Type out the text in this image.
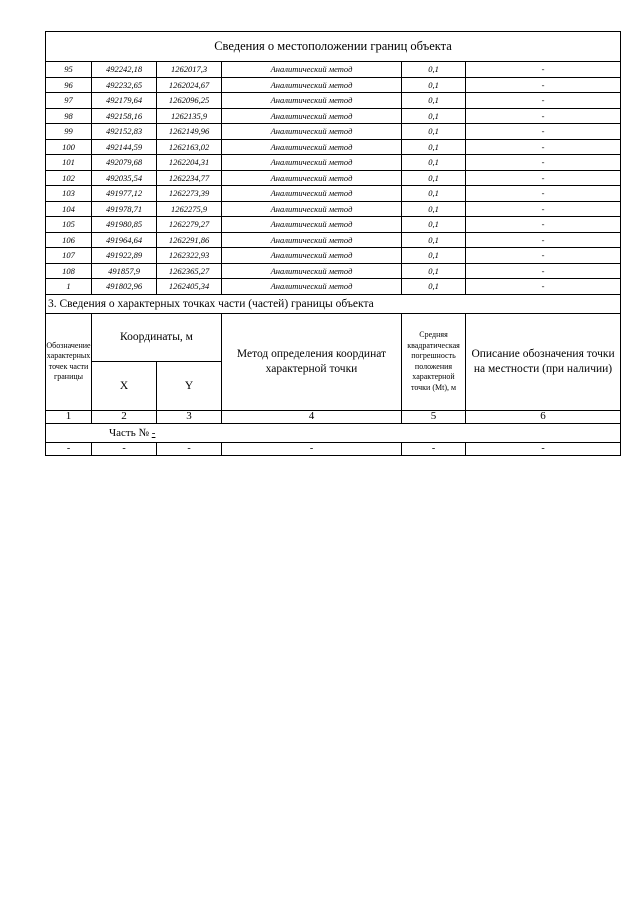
Сведения о местоположении границ объекта					
95	492242,18	1262017,3	Аналитический метод	0,1	-
96	492232,65	1262024,67	Аналитический метод	0,1	-
97	492179,64	1262096,25	Аналитический метод	0,1	-
98	492158,16	1262135,9	Аналитический метод	0,1	-
99	492152,83	1262149,96	Аналитический метод	0,1	-
100	492144,59	1262163,02	Аналитический метод	0,1	-
101	492079,68	1262204,31	Аналитический метод	0,1	-
102	492035,54	1262234,77	Аналитический метод	0,1	-
103	491977,12	1262273,39	Аналитический метод	0,1	-
104	491978,71	1262275,9	Аналитический метод	0,1	-
105	491980,85	1262279,27	Аналитический метод	0,1	-
106	491964,64	1262291,86	Аналитический метод	0,1	-
107	491922,89	1262322,93	Аналитический метод	0,1	-
108	491857,9	1262365,27	Аналитический метод	0,1	-
1	491802,96	1262405,34	Аналитический метод	0,1	-
3. Сведения о характерных точках части (частей) границы объекта					
Обозначение характерных точек части границы	Координаты, м		Метод определения координат характерной точки	Средняя квадратическая погрешность положения характерной точки (Mt), м	Описание обозначения точки на местности (при наличии)
	X	Y			
1	2	3	4	5	6
Часть № -					
-	-	-	-	-	-
